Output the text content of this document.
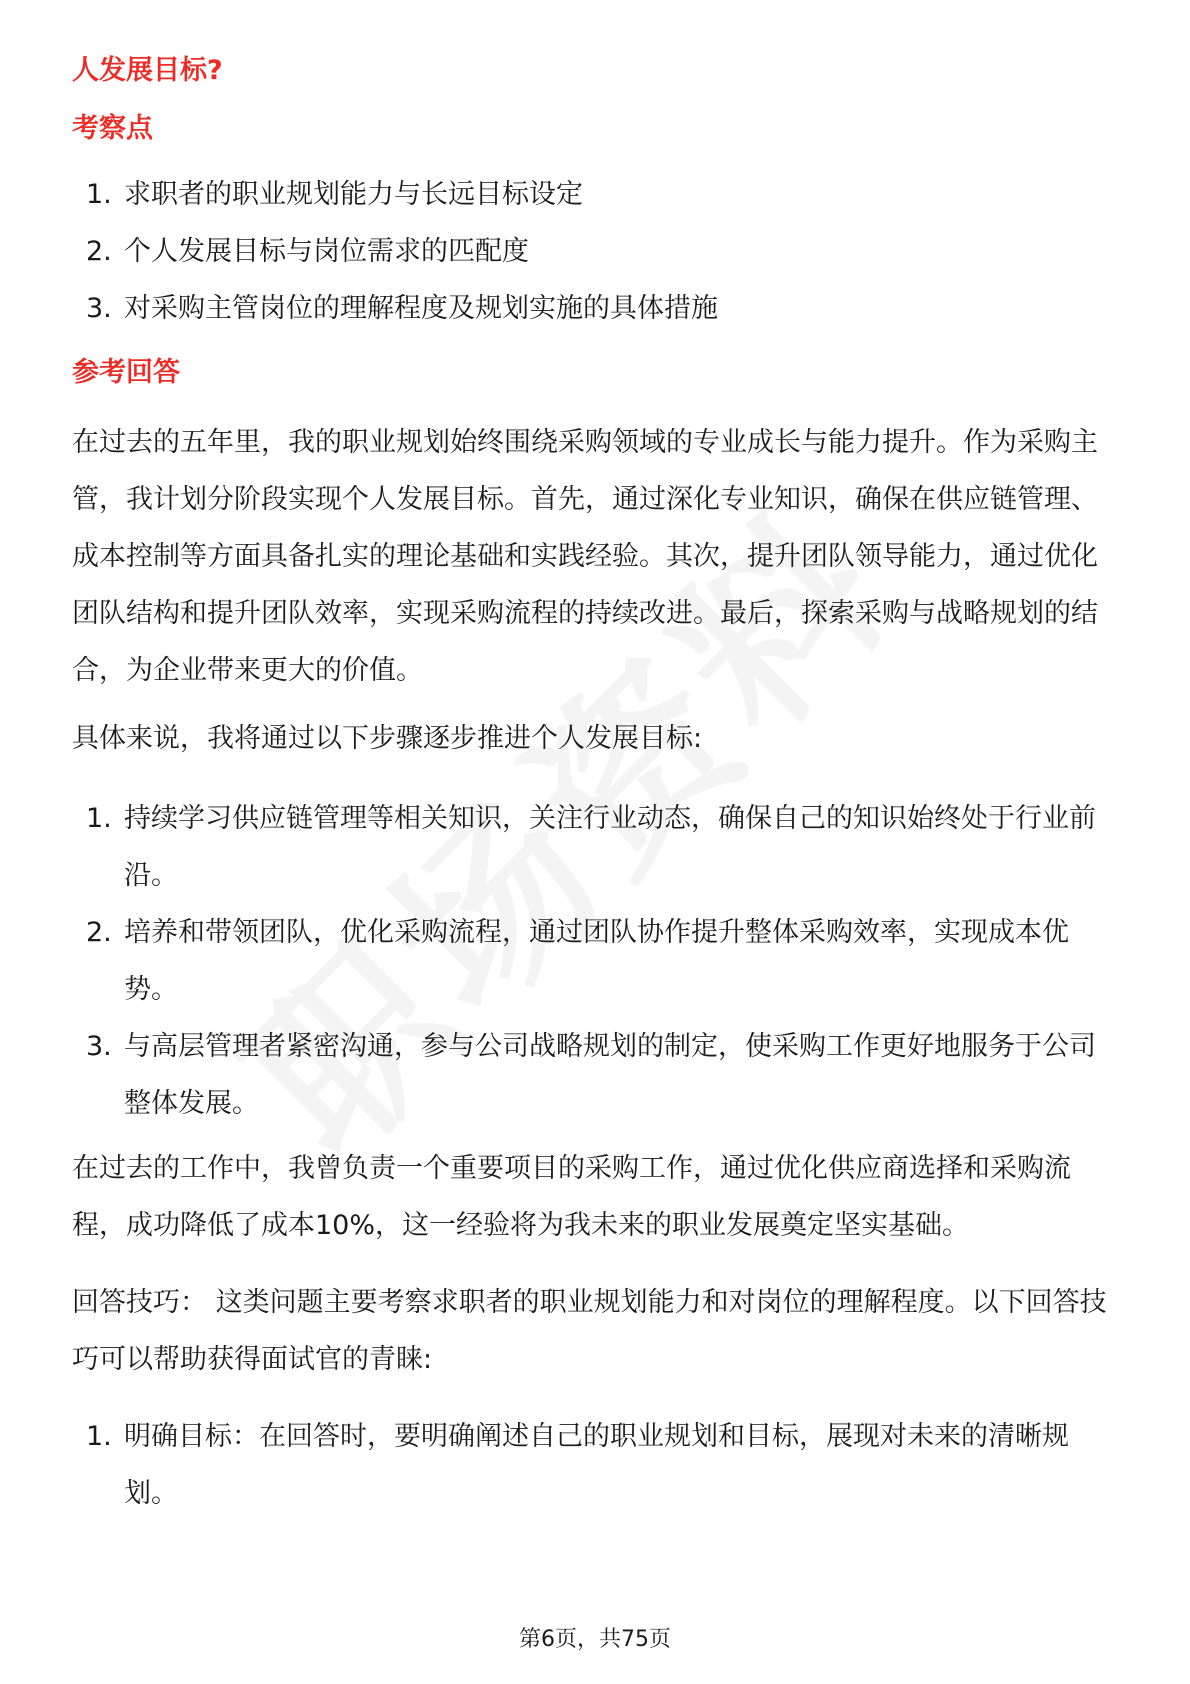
人发展目标?
考察点
1. 求职者的职业规划能力与长远目标设定
2. 个人发展目标与岗位需求的匹配度
3. 对采购主管岗位的理解程度及规划实施的具体措施
参考回答

在过去的五年里，我的职业规划始终围绕采购领域的专业成长与能力提升。作为采购主管，我计划分阶段实现个人发展目标。首先，通过深化专业知识，确保在供应链管理、成本控制等方面具备扎实的理论基础和实践经验。其次，提升团队领导能力，通过优化团队结构和提升团队效率，实现采购流程的持续改进。最后，探索采购与战略规划的结合，为企业带来更大的价值。

具体来说，我将通过以下步骤逐步推进个人发展目标:

1. 持续学习供应链管理等相关知识，关注行业动态，确保自己的知识始终处于行业前沿。
2. 培养和带领团队，优化采购流程，通过团队协作提升整体采购效率，实现成本优势。
3. 与高层管理者紧密沟通，参与公司战略规划的制定，使采购工作更好地服务于公司整体发展。

在过去的工作中，我曾负责一个重要项目的采购工作，通过优化供应商选择和采购流程，成功降低了成本10%，这一经验将为我未来的职业发展奠定坚实基础。

回答技巧： 这类问题主要考察求职者的职业规划能力和对岗位的理解程度。以下回答技巧可以帮助获得面试官的青睐:

1. 明确目标：在回答时，要明确阐述自己的职业规划和目标，展现对未来的清晰规划。
第6页，共75页
